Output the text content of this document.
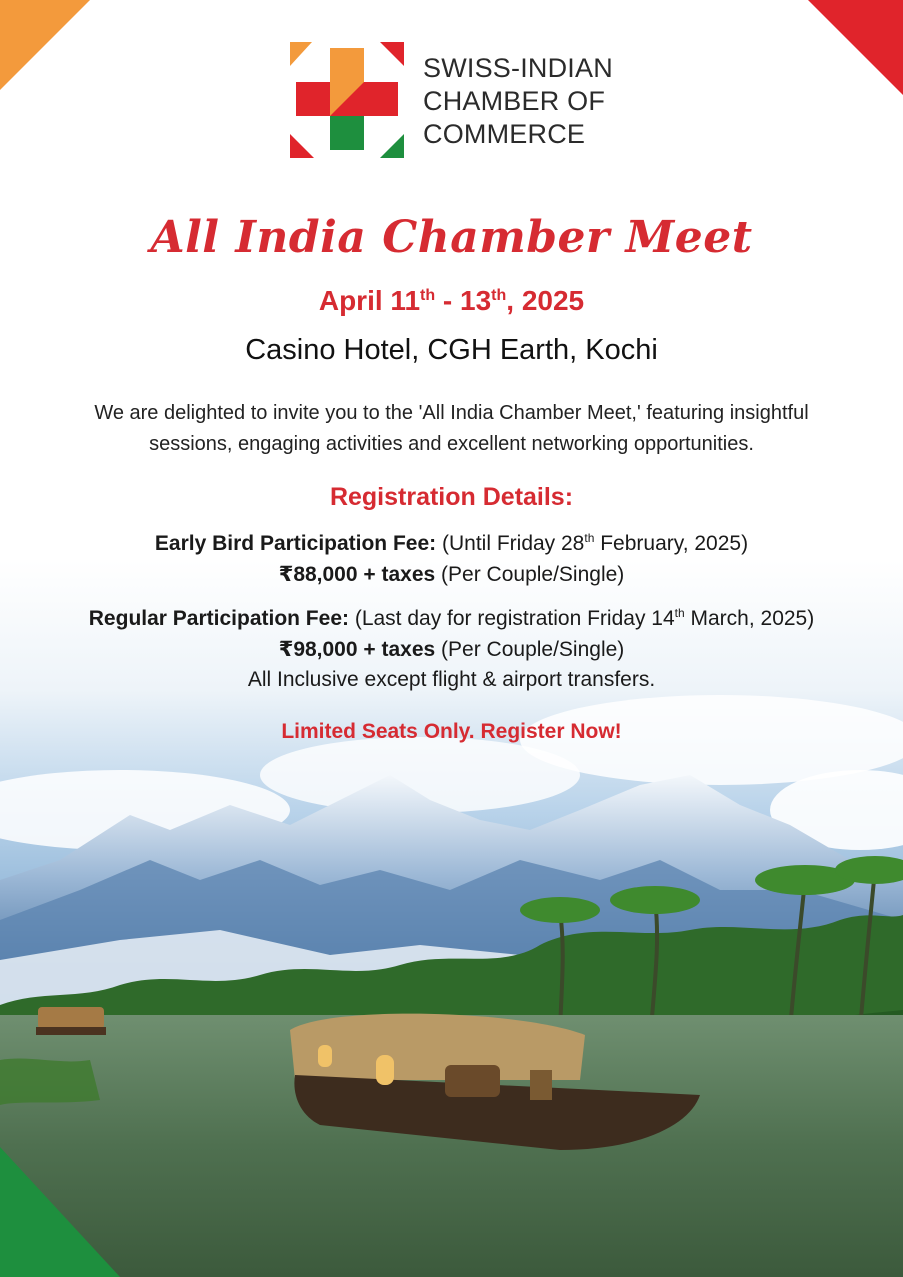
SWISS-INDIAN
CHAMBER OF
COMMERCE
All India Chamber Meet
April 11th - 13th, 2025
Casino Hotel, CGH Earth, Kochi
We are delighted to invite you to the 'All India Chamber Meet,' featuring insightful
sessions, engaging activities and excellent networking opportunities.
Registration Details:
Early Bird Participation Fee: (Until Friday 28th February, 2025)
₹88,000 + taxes (Per Couple/Single)
Regular Participation Fee: (Last day for registration Friday 14th March, 2025)
₹98,000 + taxes (Per Couple/Single)
All Inclusive except flight & airport transfers.
Limited Seats Only. Register Now!
